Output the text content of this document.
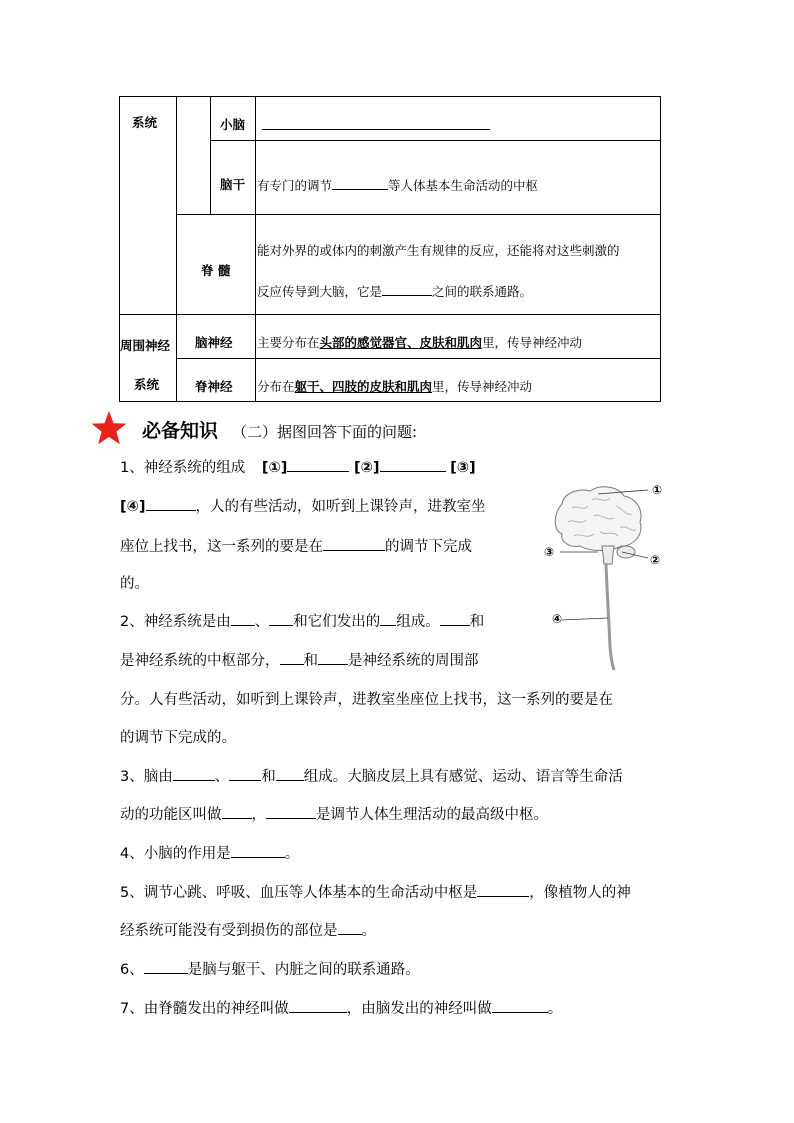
系统	小脑
脑干 有专门的调节	等人体基本生命活动的中枢
脊 髓
能对外界的或体内的刺激产生有规律的反应，还能将对这些刺激的
反应传导到大脑，它是	之间的联系通路。
周围神经
系统
脑神经 主要分布在头部的感觉器官、皮肤和肌肉里，传导神经冲动
脊神经 分布在躯干、四肢的皮肤和肌肉里，传导神经冲动
必备知识 （二）据图回答下面的问题:
1、神经系统的组成 [①]	[②]	[③]
[④]	，人的有些活动，如听到上课铃声，进教室坐
座位上找书，这一系列的要是在	的调节下完成
的。
2、神经系统是由 、 和它们发出的 组成。 和
是神经系统的中枢部分， 和 是神经系统的周围部
分。人有些活动，如听到上课铃声，进教室坐座位上找书，这一系列的要是在
的调节下完成的。
3、脑由	、 和 组成。大脑皮层上具有感觉、运动、语言等生命活
动的功能区叫做 ，	是调节人体生理活动的最高级中枢。
4、小脑的作用是	。
5、调节心跳、呼吸、血压等人体基本的生命活动中枢是	，像植物人的神
经系统可能没有受到损伤的部位是 。
6、	是脑与躯干、内脏之间的联系通路。
7、由脊髓发出的神经叫做	，由脑发出的神经叫做	。
①
②
③
④
